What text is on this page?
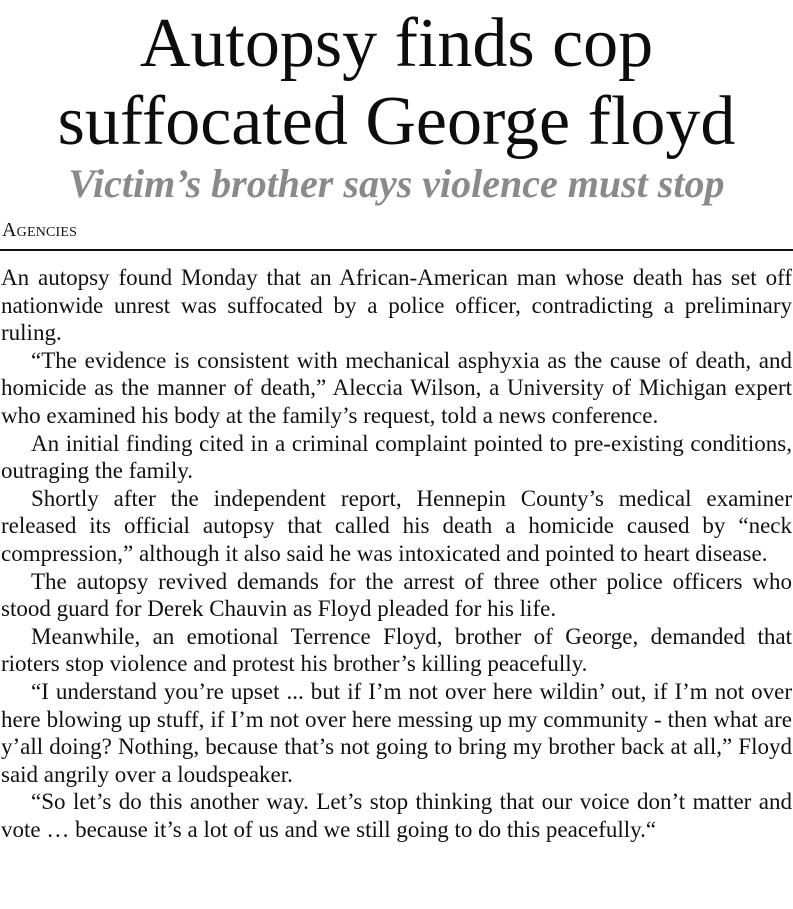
Autopsy finds cop
suffocated George floyd
Victim’s brother says violence must stop
Agencies

An autopsy found Monday that an African-American man whose death has set off nationwide unrest was suffocated by a police officer, contradicting a preliminary ruling.

“The evidence is consistent with mechanical asphyxia as the cause of death, and homicide as the manner of death,” Aleccia Wilson, a University of Michigan expert who examined his body at the family’s request, told a news conference.

An initial finding cited in a criminal complaint pointed to pre-existing conditions, outraging the family.

Shortly after the independent report, Hennepin County’s medical examiner released its official autopsy that called his death a homicide caused by “neck compression,” although it also said he was intoxicated and pointed to heart disease.

The autopsy revived demands for the arrest of three other police officers who stood guard for Derek Chauvin as Floyd pleaded for his life.

Meanwhile, an emotional Terrence Floyd, brother of George, demanded that rioters stop violence and protest his brother’s killing peacefully.

“I understand you’re upset ... but if I’m not over here wildin’ out, if I’m not over here blowing up stuff, if I’m not over here messing up my community - then what are y’all doing? Nothing, because that’s not going to bring my brother back at all,” Floyd said angrily over a loudspeaker.

“So let’s do this another way. Let’s stop thinking that our voice don’t matter and vote … because it’s a lot of us and we still going to do this peacefully.“
